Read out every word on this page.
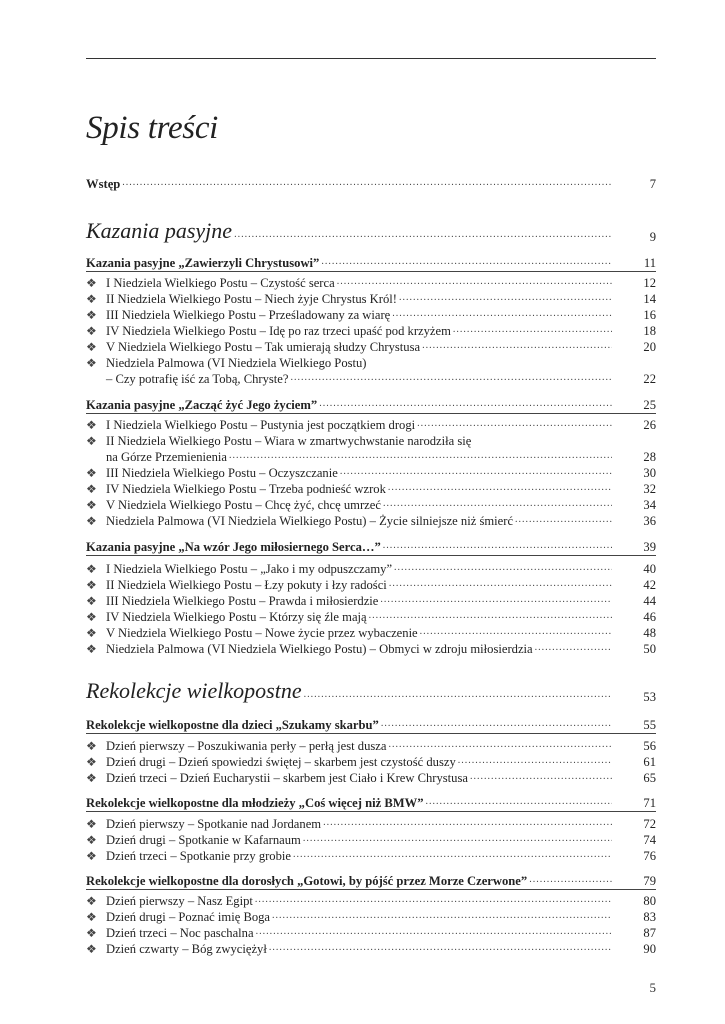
Spis treści
Wstęp .....	7
Kazania pasyjne .....	9
Kazania pasyjne „Zawierzyli Chrystusowi” .....	11
❖ I Niedziela Wielkiego Postu – Czystość serca .....	12
❖ II Niedziela Wielkiego Postu – Niech żyje Chrystus Król! .....	14
❖ III Niedziela Wielkiego Postu – Prześladowany za wiarę .....	16
❖ IV Niedziela Wielkiego Postu – Idę po raz trzeci upaść pod krzyżem .....	18
❖ V Niedziela Wielkiego Postu – Tak umierają słudzy Chrystusa .....	20
❖ Niedziela Palmowa (VI Niedziela Wielkiego Postu)
– Czy potrafię iść za Tobą, Chryste? .....	22
Kazania pasyjne „Zacząć żyć Jego życiem” .....	25
❖ I Niedziela Wielkiego Postu – Pustynia jest początkiem drogi .....	26
❖ II Niedziela Wielkiego Postu – Wiara w zmartwychwstanie narodziła się
na Górze Przemienienia .....	28
❖ III Niedziela Wielkiego Postu – Oczyszczanie .....	30
❖ IV Niedziela Wielkiego Postu – Trzeba podnieść wzrok .....	32
❖ V Niedziela Wielkiego Postu – Chcę żyć, chcę umrzeć .....	34
❖ Niedziela Palmowa (VI Niedziela Wielkiego Postu) – Życie silniejsze niż śmierć .....	36
Kazania pasyjne „Na wzór Jego miłosiernego Serca…” .....	39
❖ I Niedziela Wielkiego Postu – „Jako i my odpuszczamy” .....	40
❖ II Niedziela Wielkiego Postu – Łzy pokuty i łzy radości .....	42
❖ III Niedziela Wielkiego Postu – Prawda i miłosierdzie .....	44
❖ IV Niedziela Wielkiego Postu – Którzy się źle mają .....	46
❖ V Niedziela Wielkiego Postu – Nowe życie przez wybaczenie .....	48
❖ Niedziela Palmowa (VI Niedziela Wielkiego Postu) – Obmyci w zdroju miłosierdzia .....	50
Rekolekcje wielkopostne .....	53
Rekolekcje wielkopostne dla dzieci „Szukamy skarbu” .....	55
❖ Dzień pierwszy – Poszukiwania perły – perłą jest dusza .....	56
❖ Dzień drugi – Dzień spowiedzi świętej – skarbem jest czystość duszy .....	61
❖ Dzień trzeci – Dzień Eucharystii – skarbem jest Ciało i Krew Chrystusa .....	65
Rekolekcje wielkopostne dla młodzieży „Coś więcej niż BMW” .....	71
❖ Dzień pierwszy – Spotkanie nad Jordanem .....	72
❖ Dzień drugi – Spotkanie w Kafarnaum .....	74
❖ Dzień trzeci – Spotkanie przy grobie .....	76
Rekolekcje wielkopostne dla dorosłych „Gotowi, by pójść przez Morze Czerwone” .....	79
❖ Dzień pierwszy – Nasz Egipt .....	80
❖ Dzień drugi – Poznać imię Boga .....	83
❖ Dzień trzeci – Noc paschalna .....	87
❖ Dzień czwarty – Bóg zwyciężył .....	90
5
